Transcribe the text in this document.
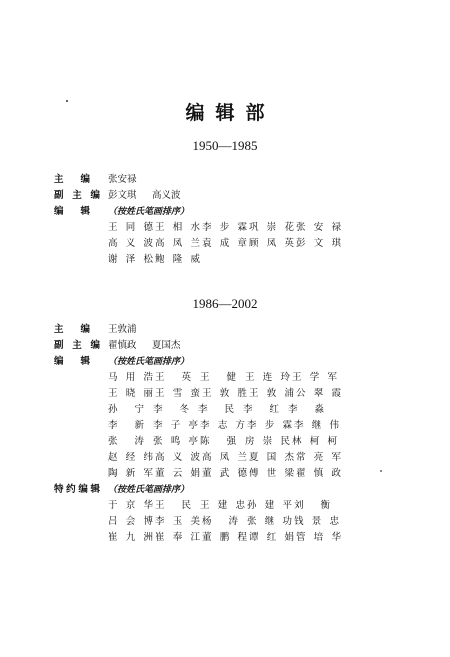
编辑部
1950—1985
主编 张安禄
副主编 彭文琪 高义波
编辑 （按姓氏笔画排序）
王同德 王相水 李步霖 巩崇花 张安禄
高义波 高凤兰 袁成章 顾凤英 彭文琪
谢泽松 鲍隆威
1986—2002
主编 王敦浦
副主编 翟慎政 夏国杰
编辑 （按姓氏笔画排序）
马用浩 王英 王健 王连玲 王学军
王晓丽 王雪蛮 王敦胜 王敦浦 公翠霞
孙宁 李冬 李民 李红 李淼
李新 李子亭 李志方 李步霖 李继伟
张涛 张鸣亭 陈强 房崇民 林柯柯
赵经纬 高义波 高凤兰 夏国杰 常亮军
陶新军 董云娟 董武德 傅世梁 翟慎政
特约编辑 （按姓氏笔画排序）
于京华 王民 王建忠 孙建平 刘衡
吕会博 李玉美 杨涛 张继功 钱景忠
崔九洲 崔奉江 董鹏程 谭红娟 管培华
